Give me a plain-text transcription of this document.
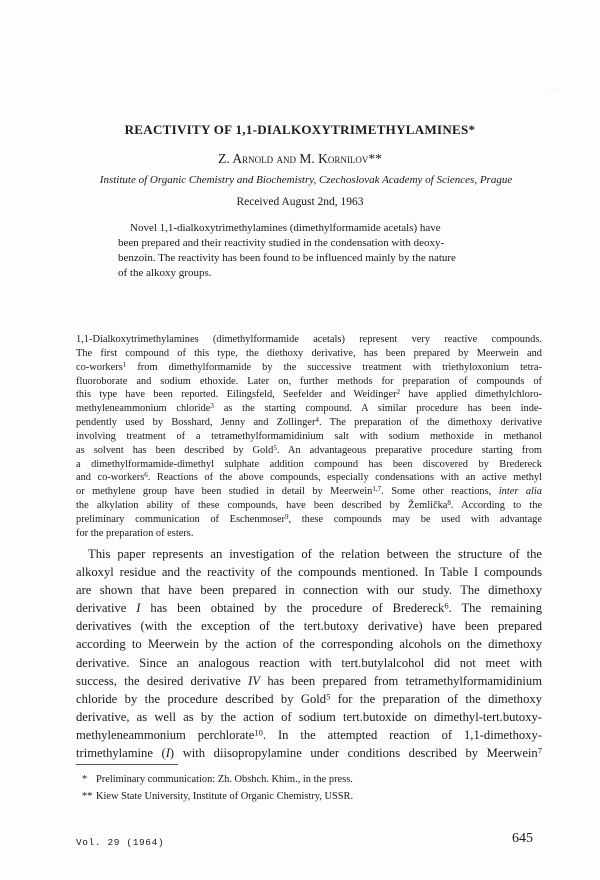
·∴·
REACTIVITY OF 1,1-DIALKOXYTRIMETHYLAMINES*
Z. Arnold and M. Kornilov**
Institute of Organic Chemistry and Biochemistry, Czechoslovak Academy of Sciences, Prague
Received August 2nd, 1963

Novel 1,1-dialkoxytrimethylamines (dimethylformamide acetals) have
been prepared and their reactivity studied in the condensation with deoxy-
benzoin. The reactivity has been found to be influenced mainly by the nature
of the alkoxy groups.

1,1-Dialkoxytrimethylamines (dimethylformamide acetals) represent very reactive compounds.
The first compound of this type, the diethoxy derivative, has been prepared by Meerwein and
co-workers$^1$ from dimethylformamide by the successive treatment with triethyloxonium tetra-
fluoroborate and sodium ethoxide. Later on, further methods for preparation of compounds of
this type have been reported. Eilingsfeld, Seefelder and Weidinger$^2$ have applied dimethylchloro-
methyleneammonium chloride$^3$ as the starting compound. A similar procedure has been inde-
pendently used by Bosshard, Jenny and Zollinger$^4$. The preparation of the dimethoxy derivative
involving treatment of a tetramethylformamidinium salt with sodium methoxide in methanol
as solvent has been described by Gold$^5$. An advantageous preparative procedure starting from
a dimethylformamide-dimethyl sulphate addition compound has been discovered by Bredereck
and co-workers$^6$. Reactions of the above compounds, especially condensations with an active methyl
or methylene group have been studied in detail by Meerwein$^{1,7}$. Some other reactions, inter alia
the alkylation ability of these compounds, have been described by Žemlička$^8$. According to the
preliminary communication of Eschenmoser$^9$, these compounds may be used with advantage
for the preparation of esters.

This paper represents an investigation of the relation between the structure of the
alkoxyl residue and the reactivity of the compounds mentioned. In Table I compounds
are shown that have been prepared in connection with our study. The dimethoxy
derivative I has been obtained by the procedure of Bredereck$^6$. The remaining
derivatives (with the exception of the tert.butoxy derivative) have been prepared
according to Meerwein by the action of the corresponding alcohols on the dimethoxy
derivative. Since an analogous reaction with tert.butylalcohol did not meet with
success, the desired derivative IV has been prepared from tetramethylformamidinium
chloride by the procedure described by Gold$^5$ for the preparation of the dimethoxy
derivative, as well as by the action of sodium tert.butoxide on dimethyl-tert.butoxy-
methyleneammonium perchlorate$^{10}$. In the attempted reaction of 1,1-dimethoxy-
trimethylamine (I) with diisopropylamine under conditions described by Meerwein$^7$

* Preliminary communication: Zh. Obshch. Khim., in the press.
** Kiew State University, Institute of Organic Chemistry, USSR.
Vol. 29 (1964)	645
